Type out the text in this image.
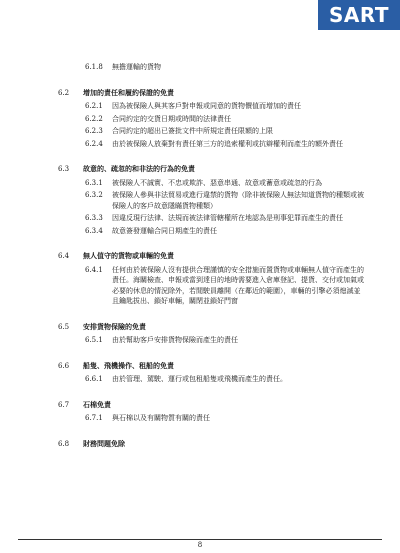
SART
6.1.8	無擔運輸的貨物
6.2	增加的責任和履約保證的免責
6.2.1	因為被保險人與其客戶對申報或同意的貨物價值而增加的責任
6.2.2	合同約定的交貨日期或時間的法律責任
6.2.3	合同約定的超出已簽批文件中所規定責任限額的上限
6.2.4	由於被保險人放棄對有責任第三方的追索權利或抗辯權利而產生的額外責任
6.3	故意的、疏忽的和非法的行為的免責
6.3.1	被保險人不誠實、不忠或欺詐、惡意串通、故意或蓄意或疏忽的行為
6.3.2	被保險人參與非法貿易或進行違禁的貨物（除非被保險人無法知道貨物的種類或被保險人的客戶故意隱瞞貨物種類）
6.3.3	因違反現行法律、法規而被法律管轄權所在地認為是刑事犯罪而產生的責任
6.3.4	故意簽發運輸合同日期產生的責任
6.4	無人值守的貨物或車輛的免責
6.4.1	任何由於被保險人沒有提供合理謹慎的安全措施而置貨物或車輛無人值守而產生的責任。海關檢查、申報或當到達目的地時需要進入倉庫登記、提貨、交付或加氣或必要的休息的情況除外，若閒駛員離開（在鄰近的範圍），車輛的引擎必須熄滅並且鑰匙拔出、鎖好車輛，關閉並鎖好門窗
6.5	安排貨物保險的免責
6.5.1	由於幫助客戶安排貨物保險而產生的責任
6.6	船隻、飛機操作、租船的免責
6.6.1	由於管理、駕駛、運行或包租船隻或飛機而產生的責任。
6.7	石棉免責
6.7.1	與石棉以及有關物質有關的責任
6.8	財務問題免除
8
